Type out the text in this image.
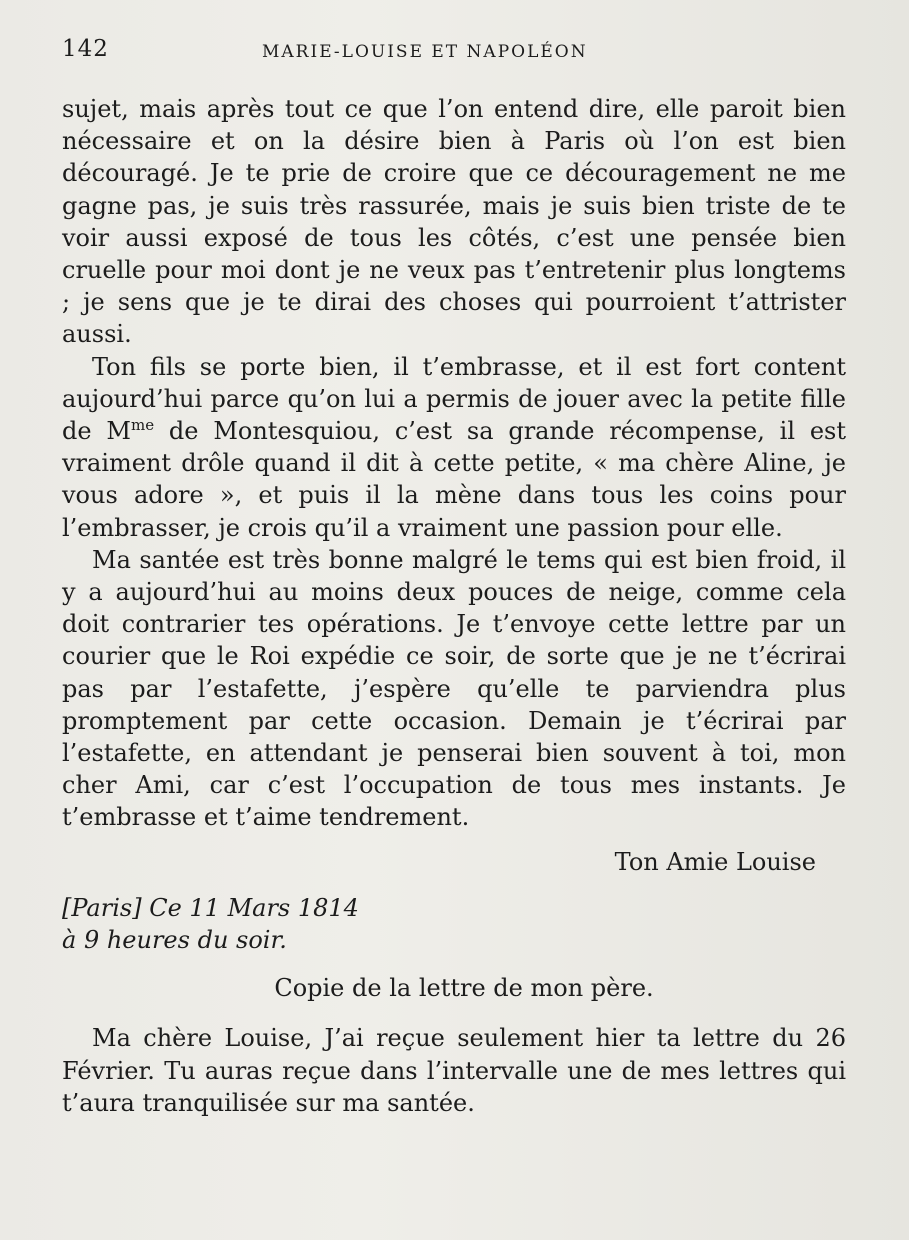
142	MARIE-LOUISE ET NAPOLÉON

sujet, mais après tout ce que l’on entend dire, elle paroit bien nécessaire et on la désire bien à Paris où l’on est bien découragé. Je te prie de croire que ce découragement ne me gagne pas, je suis très rassurée, mais je suis bien triste de te voir aussi exposé de tous les côtés, c’est une pensée bien cruelle pour moi dont je ne veux pas t’entretenir plus longtems ; je sens que je te dirai des choses qui pourroient t’attrister aussi.

Ton fils se porte bien, il t’embrasse, et il est fort content aujourd’hui parce qu’on lui a permis de jouer avec la petite fille de $M^{me}$ de Montesquiou, c’est sa grande récompense, il est vraiment drôle quand il dit à cette petite, « ma chère Aline, je vous adore », et puis il la mène dans tous les coins pour l’embrasser, je crois qu’il a vraiment une passion pour elle.

Ma santée est très bonne malgré le tems qui est bien froid, il y a aujourd’hui au moins deux pouces de neige, comme cela doit contrarier tes opérations. Je t’envoye cette lettre par un courier que le Roi expédie ce soir, de sorte que je ne t’écrirai pas par l’estafette, j’espère qu’elle te parviendra plus promptement par cette occasion. Demain je t’écrirai par l’estafette, en attendant je penserai bien souvent à toi, mon cher Ami, car c’est l’occupation de tous mes instants. Je t’embrasse et t’aime tendrement.

Ton Amie Louise

[Paris] Ce 11 Mars 1814
à 9 heures du soir.

Copie de la lettre de mon père.

Ma chère Louise, J’ai reçue seulement hier ta lettre du 26 Février. Tu auras reçue dans l’intervalle une de mes lettres qui t’aura tranquilisée sur ma santée.
